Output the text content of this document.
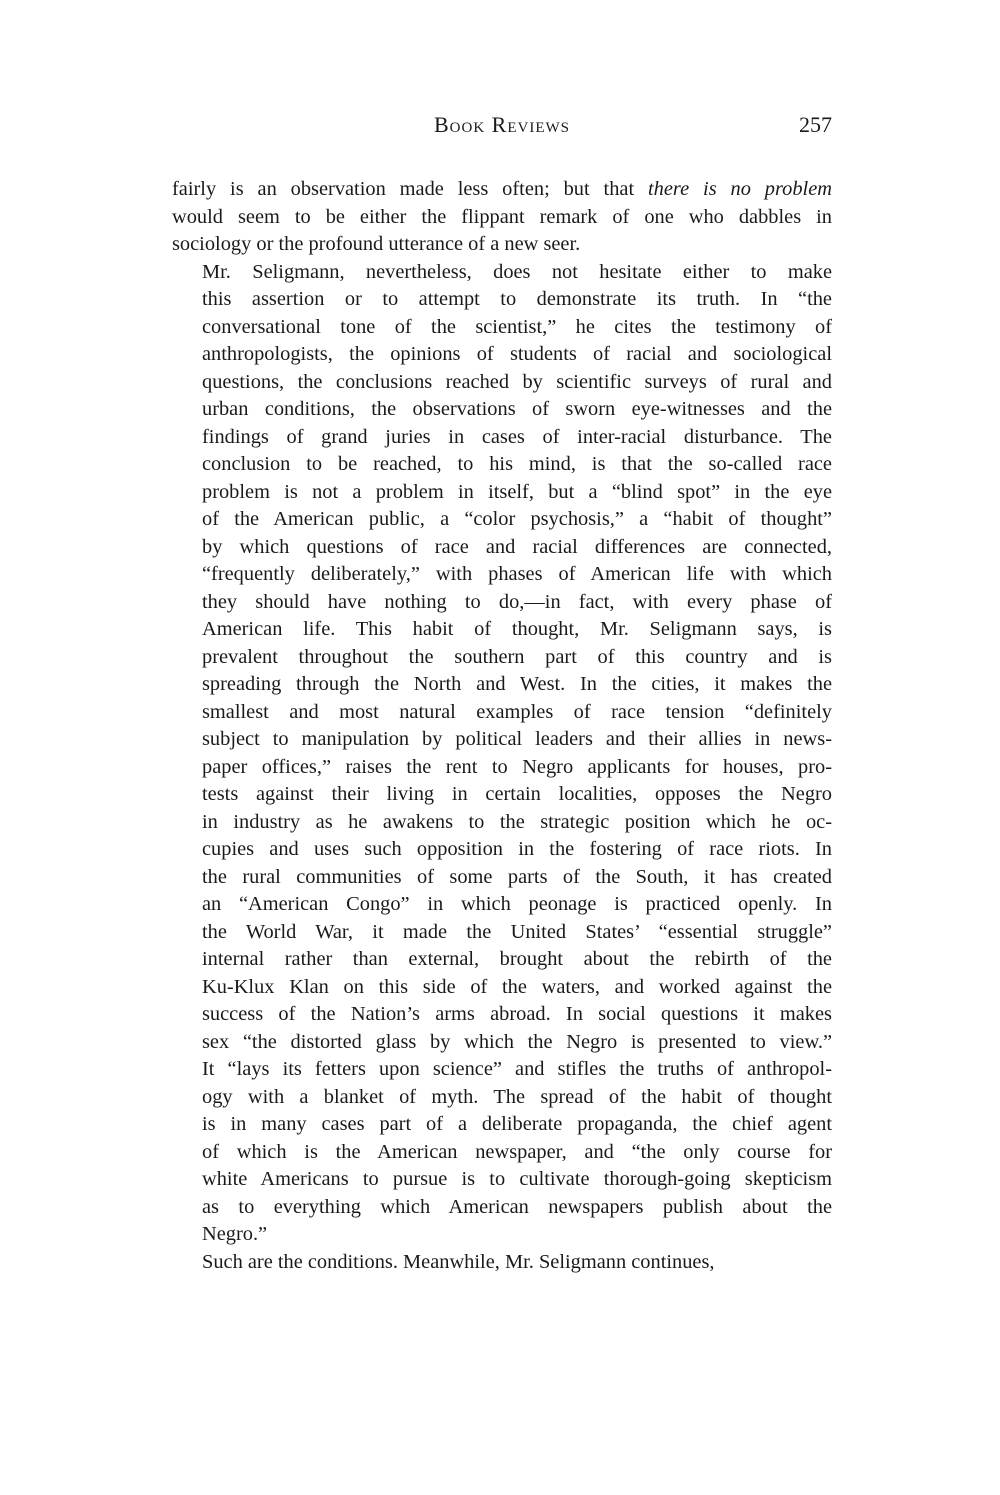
Book Reviews	257

fairly is an observation made less often; but that there is no problem
would seem to be either the flippant remark of one who dabbles in
sociology or the profound utterance of a new seer.

Mr. Seligmann, nevertheless, does not hesitate either to make
this assertion or to attempt to demonstrate its truth. In “the
conversational tone of the scientist,” he cites the testimony of
anthropologists, the opinions of students of racial and sociological
questions, the conclusions reached by scientific surveys of rural and
urban conditions, the observations of sworn eye-witnesses and the
findings of grand juries in cases of inter-racial disturbance. The
conclusion to be reached, to his mind, is that the so-called race
problem is not a problem in itself, but a “blind spot” in the eye
of the American public, a “color psychosis,” a “habit of thought”
by which questions of race and racial differences are connected,
“frequently deliberately,” with phases of American life with which
they should have nothing to do,—in fact, with every phase of
American life. This habit of thought, Mr. Seligmann says, is
prevalent throughout the southern part of this country and is
spreading through the North and West. In the cities, it makes the
smallest and most natural examples of race tension “definitely
subject to manipulation by political leaders and their allies in news-
paper offices,” raises the rent to Negro applicants for houses, pro-
tests against their living in certain localities, opposes the Negro
in industry as he awakens to the strategic position which he oc-
cupies and uses such opposition in the fostering of race riots. In
the rural communities of some parts of the South, it has created
an “American Congo” in which peonage is practiced openly. In
the World War, it made the United States’ “essential struggle”
internal rather than external, brought about the rebirth of the
Ku-Klux Klan on this side of the waters, and worked against the
success of the Nation’s arms abroad. In social questions it makes
sex “the distorted glass by which the Negro is presented to view.”
It “lays its fetters upon science” and stifles the truths of anthropol-
ogy with a blanket of myth. The spread of the habit of thought
is in many cases part of a deliberate propaganda, the chief agent
of which is the American newspaper, and “the only course for
white Americans to pursue is to cultivate thorough-going skepticism
as to everything which American newspapers publish about the
Negro.”

Such are the conditions. Meanwhile, Mr. Seligmann continues,
